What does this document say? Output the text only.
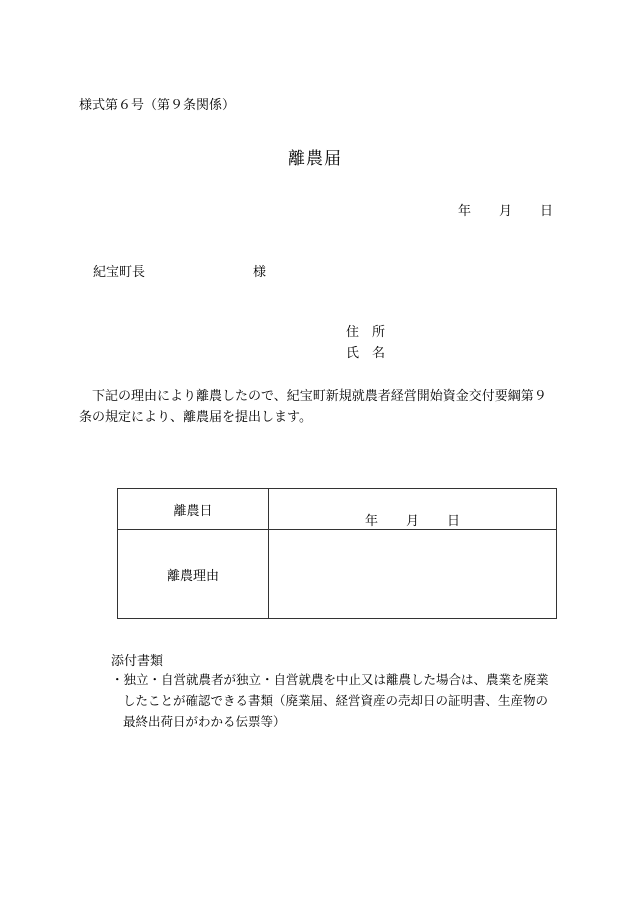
様式第６号（第９条関係）
離農届
年 月 日
紀宝町長	様
住　所
氏　名
下記の理由により離農したので、紀宝町新規就農者経営開始資金交付要綱第９条の規定により、離農届を提出します。
離農日	年 月 日
離農理由	
添付書類
・独立・自営就農者が独立・自営就農を中止又は離農した場合は、農業を廃業したことが確認できる書類（廃業届、経営資産の売却日の証明書、生産物の最終出荷日がわかる伝票等）
